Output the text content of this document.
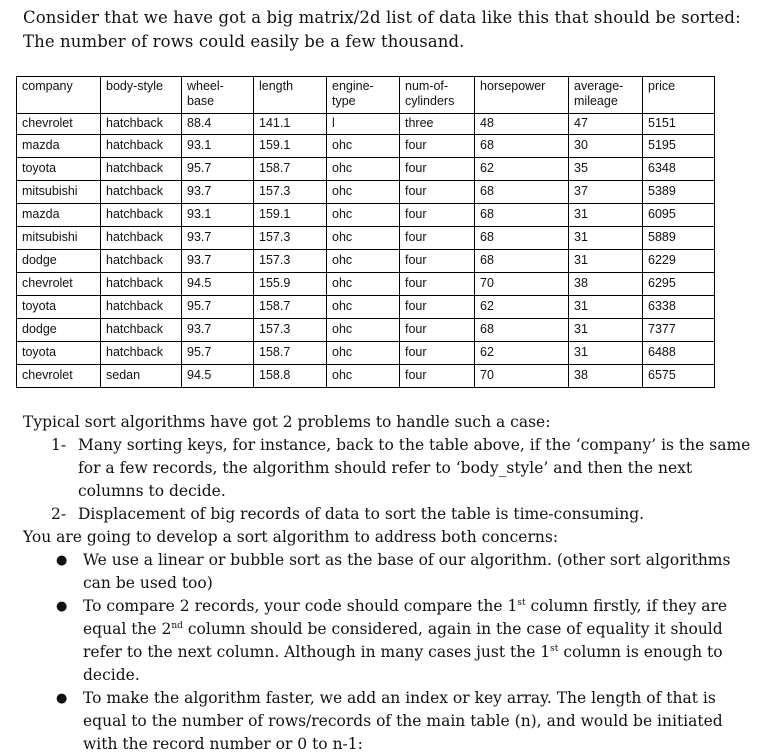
Consider that we have got a big matrix/2d list of data like this that should be sorted:
The number of rows could easily be a few thousand.
company	body-style	wheel-base	length	engine-type	num-of-cylinders	horsepower	average-mileage	price
chevrolet	hatchback	88.4	141.1	l	three	48	47	5151
mazda	hatchback	93.1	159.1	ohc	four	68	30	5195
toyota	hatchback	95.7	158.7	ohc	four	62	35	6348
mitsubishi	hatchback	93.7	157.3	ohc	four	68	37	5389
mazda	hatchback	93.1	159.1	ohc	four	68	31	6095
mitsubishi	hatchback	93.7	157.3	ohc	four	68	31	5889
dodge	hatchback	93.7	157.3	ohc	four	68	31	6229
chevrolet	hatchback	94.5	155.9	ohc	four	70	38	6295
toyota	hatchback	95.7	158.7	ohc	four	62	31	6338
dodge	hatchback	93.7	157.3	ohc	four	68	31	7377
toyota	hatchback	95.7	158.7	ohc	four	62	31	6488
chevrolet	sedan	94.5	158.8	ohc	four	70	38	6575

Typical sort algorithms have got 2 problems to handle such a case:

1- Many sorting keys, for instance, back to the table above, if the ‘company’ is the same for a few records, the algorithm should refer to ‘body_style’ and then the next columns to decide.
2- Displacement of big records of data to sort the table is time-consuming.

You are going to develop a sort algorithm to address both concerns:

● We use a linear or bubble sort as the base of our algorithm. (other sort algorithms can be used too)
● To compare 2 records, your code should compare the 1st column firstly, if they are equal the 2nd column should be considered, again in the case of equality it should refer to the next column. Although in many cases just the 1st column is enough to decide.
● To make the algorithm faster, we add an index or key array. The length of that is equal to the number of rows/records of the main table (n), and would be initiated with the record number or 0 to n-1:
